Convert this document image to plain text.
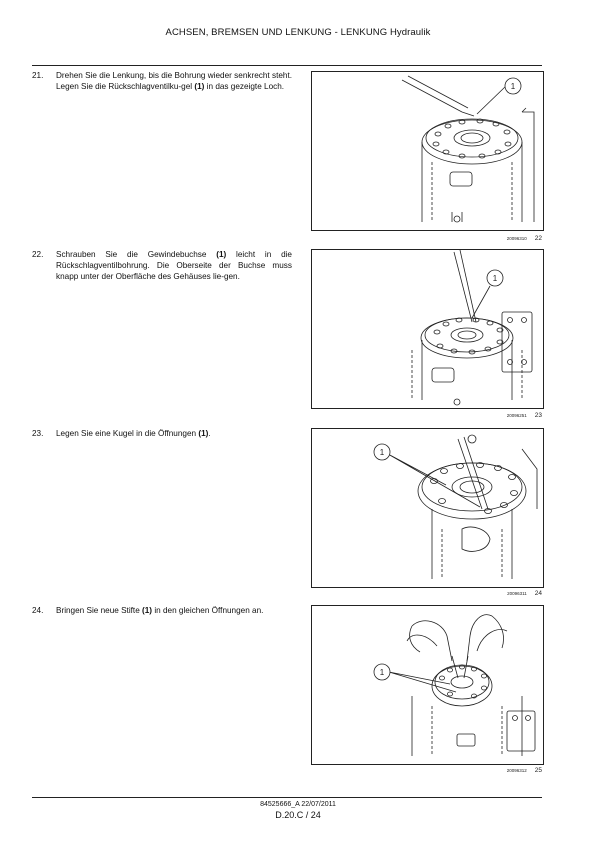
ACHSEN, BREMSEN UND LENKUNG - LENKUNG Hydraulik
21. Drehen Sie die Lenkung, bis die Bohrung wieder senkrecht steht. Legen Sie die Rückschlagventilku-gel (1) in das gezeigte Loch.	1
20096310 22
22. Schrauben Sie die Gewindebuchse (1) leicht in die Rückschlagventilbohrung. Die Oberseite der Buchse muss knapp unter der Oberfläche des Gehäuses lie-gen.	1
20096251 23
23. Legen Sie eine Kugel in die Öffnungen (1).
1
20096311 24
24. Bringen Sie neue Stifte (1) in den gleichen Öffnungen an.
1
20096312 25
84525666_A 22/07/2011
D.20.C / 24
